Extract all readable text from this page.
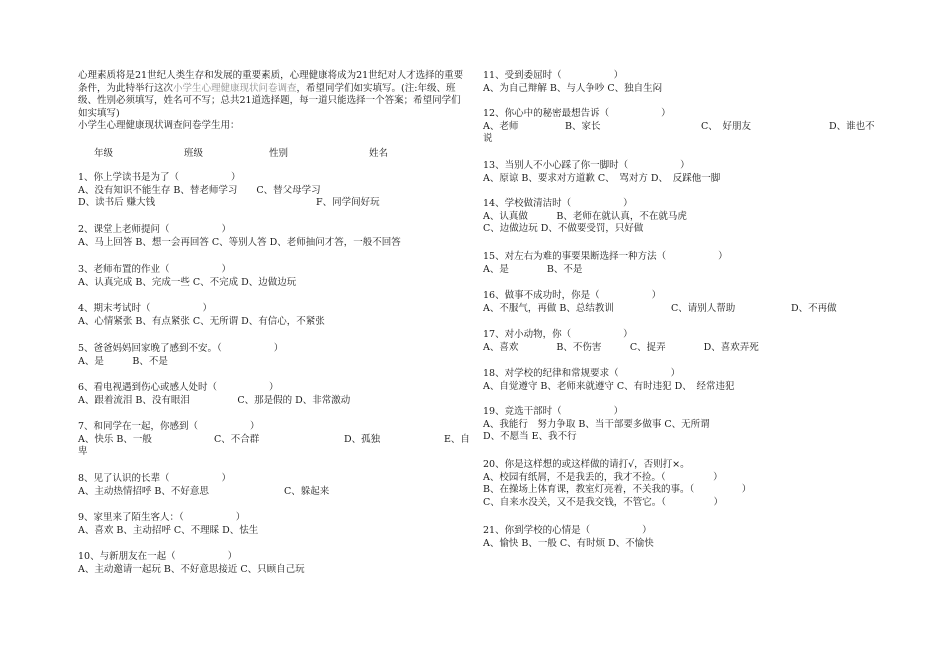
心理素质将是21世纪人类生存和发展的重要素质，心理健康将成为21世纪对人才选择的重要条件，为此特举行这次小学生心理健康现状问卷调查，希望同学们如实填写。(注:年级、班级、性别必须填写，姓名可不写；总共21道选择题，每一道只能选择一个答案；希望同学们如实填写)

小学生心理健康现状调查问卷学生用：

年级	班级	性别	姓名
1、你上学读书是为了（	）
A、没有知识不能生存 B、替老师学习　　C、替父母学习
D、读书后 赚大钱	F、同学间好玩
2、课堂上老师提问（	）
A、马上回答 B、想一会再回答 C、等别人答 D、老师抽问才答，一般不回答
3、老师布置的作业（	）
A、认真完成 B、完成一些 C、不完成 D、边做边玩
4、期末考试时（	）
A、心情紧张 B、有点紧张 C、无所谓 D、有信心，不紧张
5、爸爸妈妈回家晚了感到不安。（	）
A、是　　　B、不是
6、看电视遇到伤心或感人处时（	）
A、跟着流泪 B、没有眼泪　　　　　C、那是假的 D、非常激动
7、和同学在一起，你感到（	）
A、快乐 B、一般	C、不合群	D、孤独	E、自
卑
8、见了认识的长辈（	）
A、主动热情招呼 B、不好意思	C、躲起来
9、家里来了陌生客人：（	）
A、喜欢 B、主动招呼 C、不理睬 D、怯生
10、与新朋友在一起（	）
A、主动邀请一起玩 B、不好意思接近 C、只顾自己玩
11、受到委屈时（	）
A、为自己辩解 B、与人争吵 C、独自生闷
12、你心中的秘密最想告诉（	）
A、老师	B、家长	C、　好朋友	D、谁也不
说
13、当别人不小心踩了你一脚时（	）
A、原谅 B、要求对方道歉 C、　骂对方 D、　反踩他一脚
14、学校做清洁时（	）
A、认真做　　　B、老师在就认真，不在就马虎
C、边做边玩 D、不做要受罚，只好做
15、对左右为难的事要果断选择一种方法（	）
A、是　　　　B、不是
16、做事不成功时，你是（	）
A、不服气，再做 B、总结教训	C、请别人帮助	D、不再做
17、对小动物，你（	）
A、喜欢　　　　B、不伤害　　　C、捉弄　　　　D、喜欢弄死
18、对学校的纪律和常规要求（	）
A、自觉遵守 B、老师来就遵守 C、有时违犯 D、　经常违犯
19、竞选干部时（	）
A、我能行　努力争取 B、当干部要多做事 C、无所谓
D、不愿当 E、我不行
20、你是这样想的或这样做的请打√，否则打×。
A、校园有纸屑，不是我丢的，我才不捡。（　　　　　）
B、在操场上体育课，教室灯亮着，不关我的事。（　　　　　）
C、自来水没关，又不是我交钱，不管它。（　　　　　）
21、你到学校的心情是（	）
A、愉快 B、一般 C、有时烦 D、不愉快
